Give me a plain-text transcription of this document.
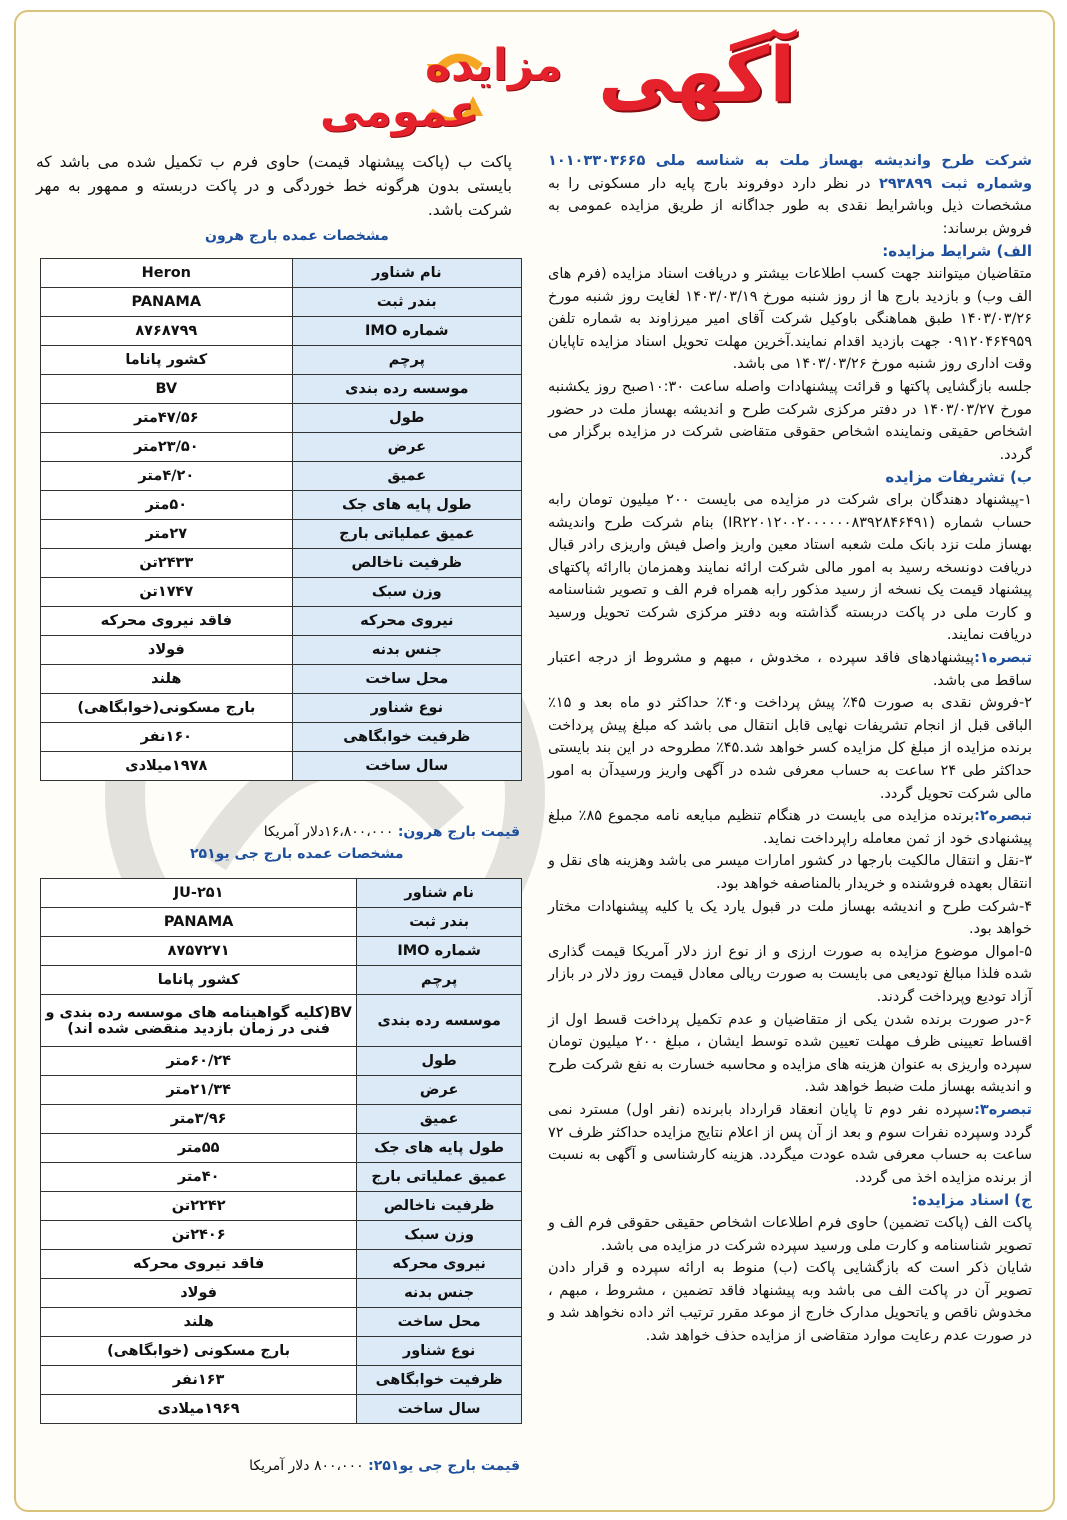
آگهی
مزایده
عمومی

شرکت طرح واندیشه بهساز ملت به شناسه ملی ۱۰۱۰۳۳۰۳۶۶۵ وشماره ثبت ۲۹۳۸۹۹ در نظر دارد دوفروند بارج پایه دار مسکونی را به مشخصات ذیل وباشرایط نقدی به طور جداگانه از طریق مزایده عمومی به فروش برساند:

الف) شرایط مزایده:

متقاضیان میتوانند جهت کسب اطلاعات بیشتر و دریافت اسناد مزایده (فرم های الف وب) و بازدید بارج ها از روز شنبه مورخ ۱۴۰۳/۰۳/۱۹ لغایت روز شنبه مورخ ۱۴۰۳/۰۳/۲۶ طبق هماهنگی باوکیل شرکت آقای امیر میرزاوند به شماره تلفن ۰۹۱۲۰۴۶۴۹۵۹ جهت بازدید اقدام نمایند.آخرین مهلت تحویل اسناد مزایده تاپایان وقت اداری روز شنبه مورخ ۱۴۰۳/۰۳/۲۶ می باشد.

جلسه بازگشایی پاکتها و قرائت پیشنهادات واصله ساعت ۱۰:۳۰صبح روز یکشنبه مورخ ۱۴۰۳/۰۳/۲۷ در دفتر مرکزی شرکت طرح و اندیشه بهساز ملت در حضور اشخاص حقیقی ونماینده اشخاص حقوقی متقاضی شرکت در مزایده برگزار می گردد.

ب) تشریفات مزایده

۱-پیشنهاد دهندگان برای شرکت در مزایده می بایست ۲۰۰ میلیون تومان رابه حساب شماره (IR۲۲۰۱۲۰۰۲۰۰۰۰۰۰۸۳۹۲۸۴۶۴۹۱) بنام شرکت طرح واندیشه بهساز ملت نزد بانک ملت شعبه استاد معین واریز واصل فیش واریزی رادر قبال دریافت دونسخه رسید به امور مالی شرکت ارائه نمایند وهمزمان باارائه پاکتهای پیشنهاد قیمت یک نسخه از رسید مذکور رابه همراه فرم الف و تصویر شناسنامه و کارت ملی در پاکت دربسته گذاشته وبه دفتر مرکزی شرکت تحویل ورسید دریافت نمایند.

تبصره۱:پیشنهادهای فاقد سپرده ، مخدوش ، مبهم و مشروط از درجه اعتبار ساقط می باشد.

۲-فروش نقدی به صورت ۴۵٪ پیش پرداخت و۴۰٪ حداکثر دو ماه بعد و ۱۵٪ الباقی قبل از انجام تشریفات نهایی قابل انتقال می باشد که مبلغ پیش پرداخت برنده مزایده از مبلغ کل مزایده کسر خواهد شد.۴۵٪ مطروحه در این بند بایستی حداکثر طی ۲۴ ساعت به حساب معرفی شده در آگهی واریز ورسیدآن به امور مالی شرکت تحویل گردد.

تبصره۲:برنده مزایده می بایست در هنگام تنظیم مبایعه نامه مجموع ۸۵٪ مبلغ پیشنهادی خود از ثمن معامله راپرداخت نماید.

۳-نقل و انتقال مالکیت بارجها در کشور امارات میسر می باشد وهزینه های نقل و انتقال بعهده فروشنده و خریدار بالمناصفه خواهد بود.

۴-شرکت طرح و اندیشه بهساز ملت در قبول یارد یک یا کلیه پیشنهادات مختار خواهد بود.

۵-اموال موضوع مزایده به صورت ارزی و از نوع ارز دلار آمریکا قیمت گذاری شده فلذا مبالغ تودیعی می بایست به صورت ریالی معادل قیمت روز دلار در بازار آزاد تودیع وپرداخت گردند.

۶-در صورت برنده شدن یکی از متقاضیان و عدم تکمیل پرداخت قسط اول از اقساط تعیینی ظرف مهلت تعیین شده توسط ایشان ، مبلغ ۲۰۰ میلیون تومان سپرده واریزی به عنوان هزینه های مزایده و محاسبه خسارت به نفع شرکت طرح و اندیشه بهساز ملت ضبط خواهد شد.

تبصره۳:سپرده نفر دوم تا پایان انعقاد قرارداد بابرنده (نفر اول) مسترد نمی گردد وسپرده نفرات سوم و بعد از آن پس از اعلام نتایج مزایده حداکثر ظرف ۷۲ ساعت به حساب معرفی شده عودت میگردد. هزینه کارشناسی و آگهی به نسبت از برنده مزایده اخذ می گردد.

ج) اسناد مزایده:

پاکت الف (پاکت تضمین) حاوی فرم اطلاعات اشخاص حقیقی حقوقی فرم الف و تصویر شناسنامه و کارت ملی ورسید سپرده شرکت در مزایده می باشد.

شایان ذکر است که بازگشایی پاکت (ب) منوط به ارائه سپرده و قرار دادن تصویر آن در پاکت الف می باشد وبه پیشنهاد فاقد تضمین ، مشروط ، مبهم ، مخدوش ناقص و یاتحویل مدارک خارج از موعد مقرر ترتیب اثر داده نخواهد شد و در صورت عدم رعایت موارد متقاضی از مزایده حذف خواهد شد.

پاکت ب (پاکت پیشنهاد قیمت) حاوی فرم ب تکمیل شده می باشد که بایستی بدون هرگونه خط خوردگی و در پاکت دربسته و ممهور به مهر شرکت باشد.
مشخصات عمده بارج هرون
نام شناور	Heron
بندر ثبت	PANAMA
شماره IMO	۸۷۶۸۷۹۹
پرچم	کشور پاناما
موسسه رده بندی	BV
طول	۴۷/۵۶متر
عرض	۲۳/۵۰متر
عمیق	۴/۲۰متر
طول پایه های جک	۵۰متر
عمیق عملیاتی بارج	۲۷متر
ظرفیت ناخالص	۲۴۳۳تن
وزن سبک	۱۷۴۷تن
نیروی محرکه	فاقد نیروی محرکه
جنس بدنه	فولاد
محل ساخت	هلند
نوع شناور	بارج مسکونی(خوابگاهی)
ظرفیت خوابگاهی	۱۶۰نفر
سال ساخت	۱۹۷۸میلادی
قیمت بارج هرون: ۱۶،۸۰۰،۰۰۰دلار آمریکا
مشخصات عمده بارج جی یو۲۵۱
نام شناور	JU-۲۵۱
بندر ثبت	PANAMA
شماره IMO	۸۷۵۷۲۷۱
پرچم	کشور پاناما
موسسه رده بندی	BV(کلیه گواهینامه های موسسه رده بندی و فنی در زمان بازدید منقضی شده اند)
طول	۶۰/۲۴متر
عرض	۲۱/۳۴متر
عمیق	۳/۹۶متر
طول پایه های جک	۵۵متر
عمیق عملیاتی بارج	۴۰متر
ظرفیت ناخالص	۲۲۴۲تن
وزن سبک	۲۴۰۶تن
نیروی محرکه	فاقد نیروی محرکه
جنس بدنه	فولاد
محل ساخت	هلند
نوع شناور	بارج مسکونی (خوابگاهی)
ظرفیت خوابگاهی	۱۶۳نفر
سال ساخت	۱۹۶۹میلادی
قیمت بارج جی یو۲۵۱: ۸۰۰،۰۰۰ دلار آمریکا
